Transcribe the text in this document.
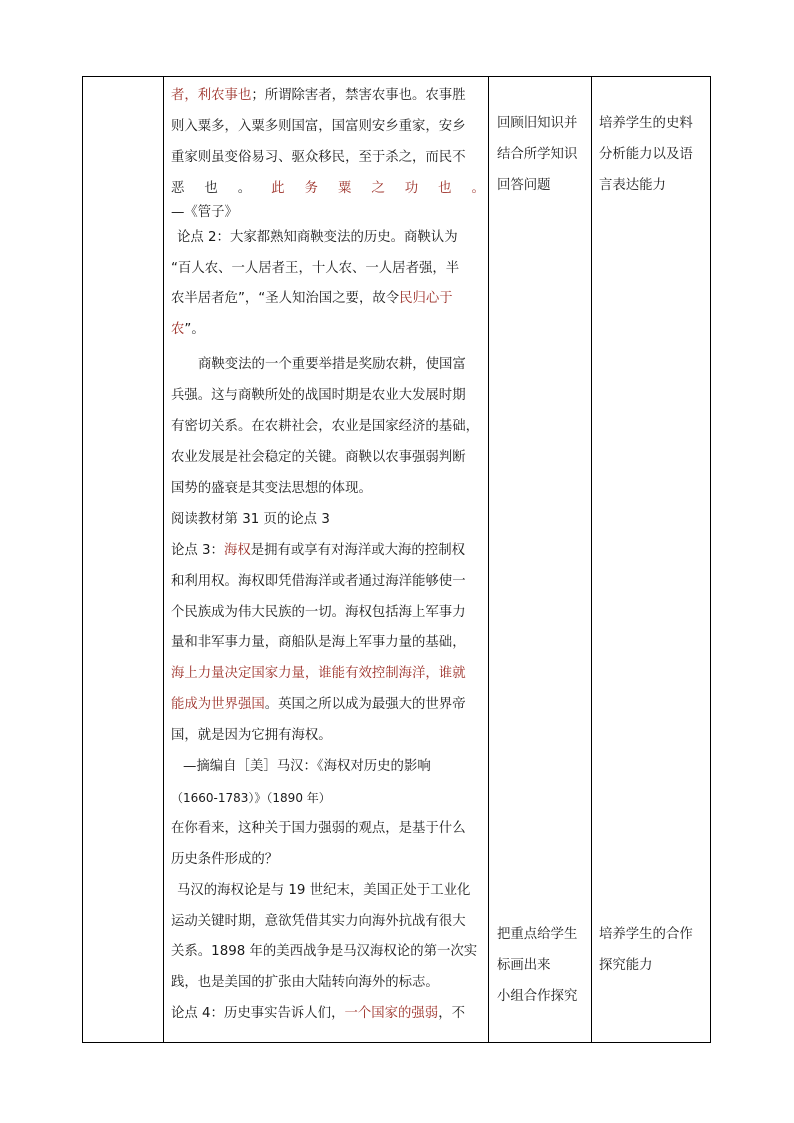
者，利农事也；所谓除害者，禁害农事也。农事胜

则入粟多，入粟多则国富，国富则安乡重家，安乡

重家则虽变俗易习、驱众移民，至于杀之，而民不

恶 也 。 此 务 粟 之 功 也 。

—《管子》

论点 2：大家都熟知商鞅变法的历史。商鞅认为

“百人农、一人居者王，十人农、一人居者强，半

农半居者危”，“圣人知治国之要，故令民归心于

农”。

商鞅变法的一个重要举措是奖励农耕，使国富

兵强。这与商鞅所处的战国时期是农业大发展时期

有密切关系。在农耕社会，农业是国家经济的基础，

农业发展是社会稳定的关键。商鞅以农事强弱判断

国势的盛衰是其变法思想的体现。

阅读教材第 31 页的论点 3

论点 3：海权是拥有或享有对海洋或大海的控制权

和利用权。海权即凭借海洋或者通过海洋能够使一

个民族成为伟大民族的一切。海权包括海上军事力

量和非军事力量，商船队是海上军事力量的基础，

海上力量决定国家力量，谁能有效控制海洋，谁就

能成为世界强国。英国之所以成为最强大的世界帝

国，就是因为它拥有海权。

—摘编自［美］马汉：《海权对历史的影响

（1660-1783）》（1890 年）

在你看来，这种关于国力强弱的观点，是基于什么

历史条件形成的？

马汉的海权论是与 19 世纪末，美国正处于工业化

运动关键时期，意欲凭借其实力向海外抗战有很大

关系。1898 年的美西战争是马汉海权论的第一次实

践，也是美国的扩张由大陆转向海外的标志。

论点 4：历史事实告诉人们，一个国家的强弱，不

回顾旧知识并
结合所学知识
回答问题
把重点给学生
标画出来
小组合作探究
培养学生的史料
分析能力以及语
言表达能力
培养学生的合作
探究能力
